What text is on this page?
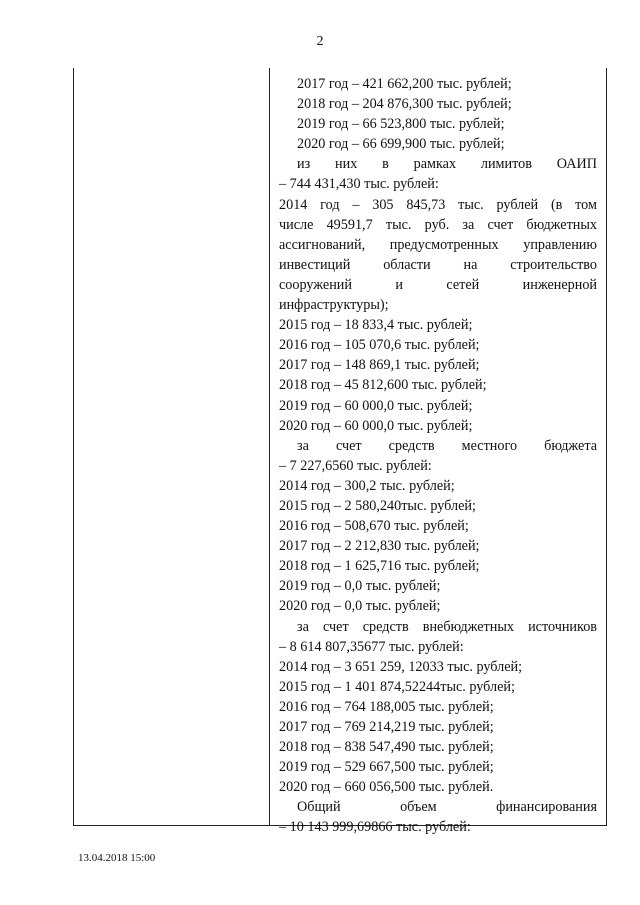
2
2017 год – 421 662,200 тыс. рублей;
2018 год – 204 876,300 тыс. рублей;
2019 год – 66 523,800 тыс. рублей;
2020 год – 66 699,900 тыс. рублей;
из них в рамках лимитов ОАИП
– 744 431,430 тыс. рублей:
2014 год – 305 845,73 тыс. рублей (в том
числе 49591,7 тыс. руб. за счет бюджетных
ассигнований, предусмотренных управлению
инвестиций области на строительство
сооружений и сетей инженерной
инфраструктуры);
2015 год – 18 833,4 тыс. рублей;
2016 год – 105 070,6 тыс. рублей;
2017 год – 148 869,1 тыс. рублей;
2018 год – 45 812,600 тыс. рублей;
2019 год – 60 000,0 тыс. рублей;
2020 год – 60 000,0 тыс. рублей;
за счет средств местного бюджета
– 7 227,6560 тыс. рублей:
2014 год – 300,2 тыс. рублей;
2015 год – 2 580,240тыс. рублей;
2016 год – 508,670 тыс. рублей;
2017 год – 2 212,830 тыс. рублей;
2018 год – 1 625,716 тыс. рублей;
2019 год – 0,0 тыс. рублей;
2020 год – 0,0 тыс. рублей;
за счет средств внебюджетных источников
– 8 614 807,35677 тыс. рублей:
2014 год – 3 651 259, 12033 тыс. рублей;
2015 год – 1 401 874,52244тыс. рублей;
2016 год – 764 188,005 тыс. рублей;
2017 год – 769 214,219 тыс. рублей;
2018 год – 838 547,490 тыс. рублей;
2019 год – 529 667,500 тыс. рублей;
2020 год – 660 056,500 тыс. рублей.
Общий объем финансирования
– 10 143 999,69866 тыс. рублей:
13.04.2018 15:00
